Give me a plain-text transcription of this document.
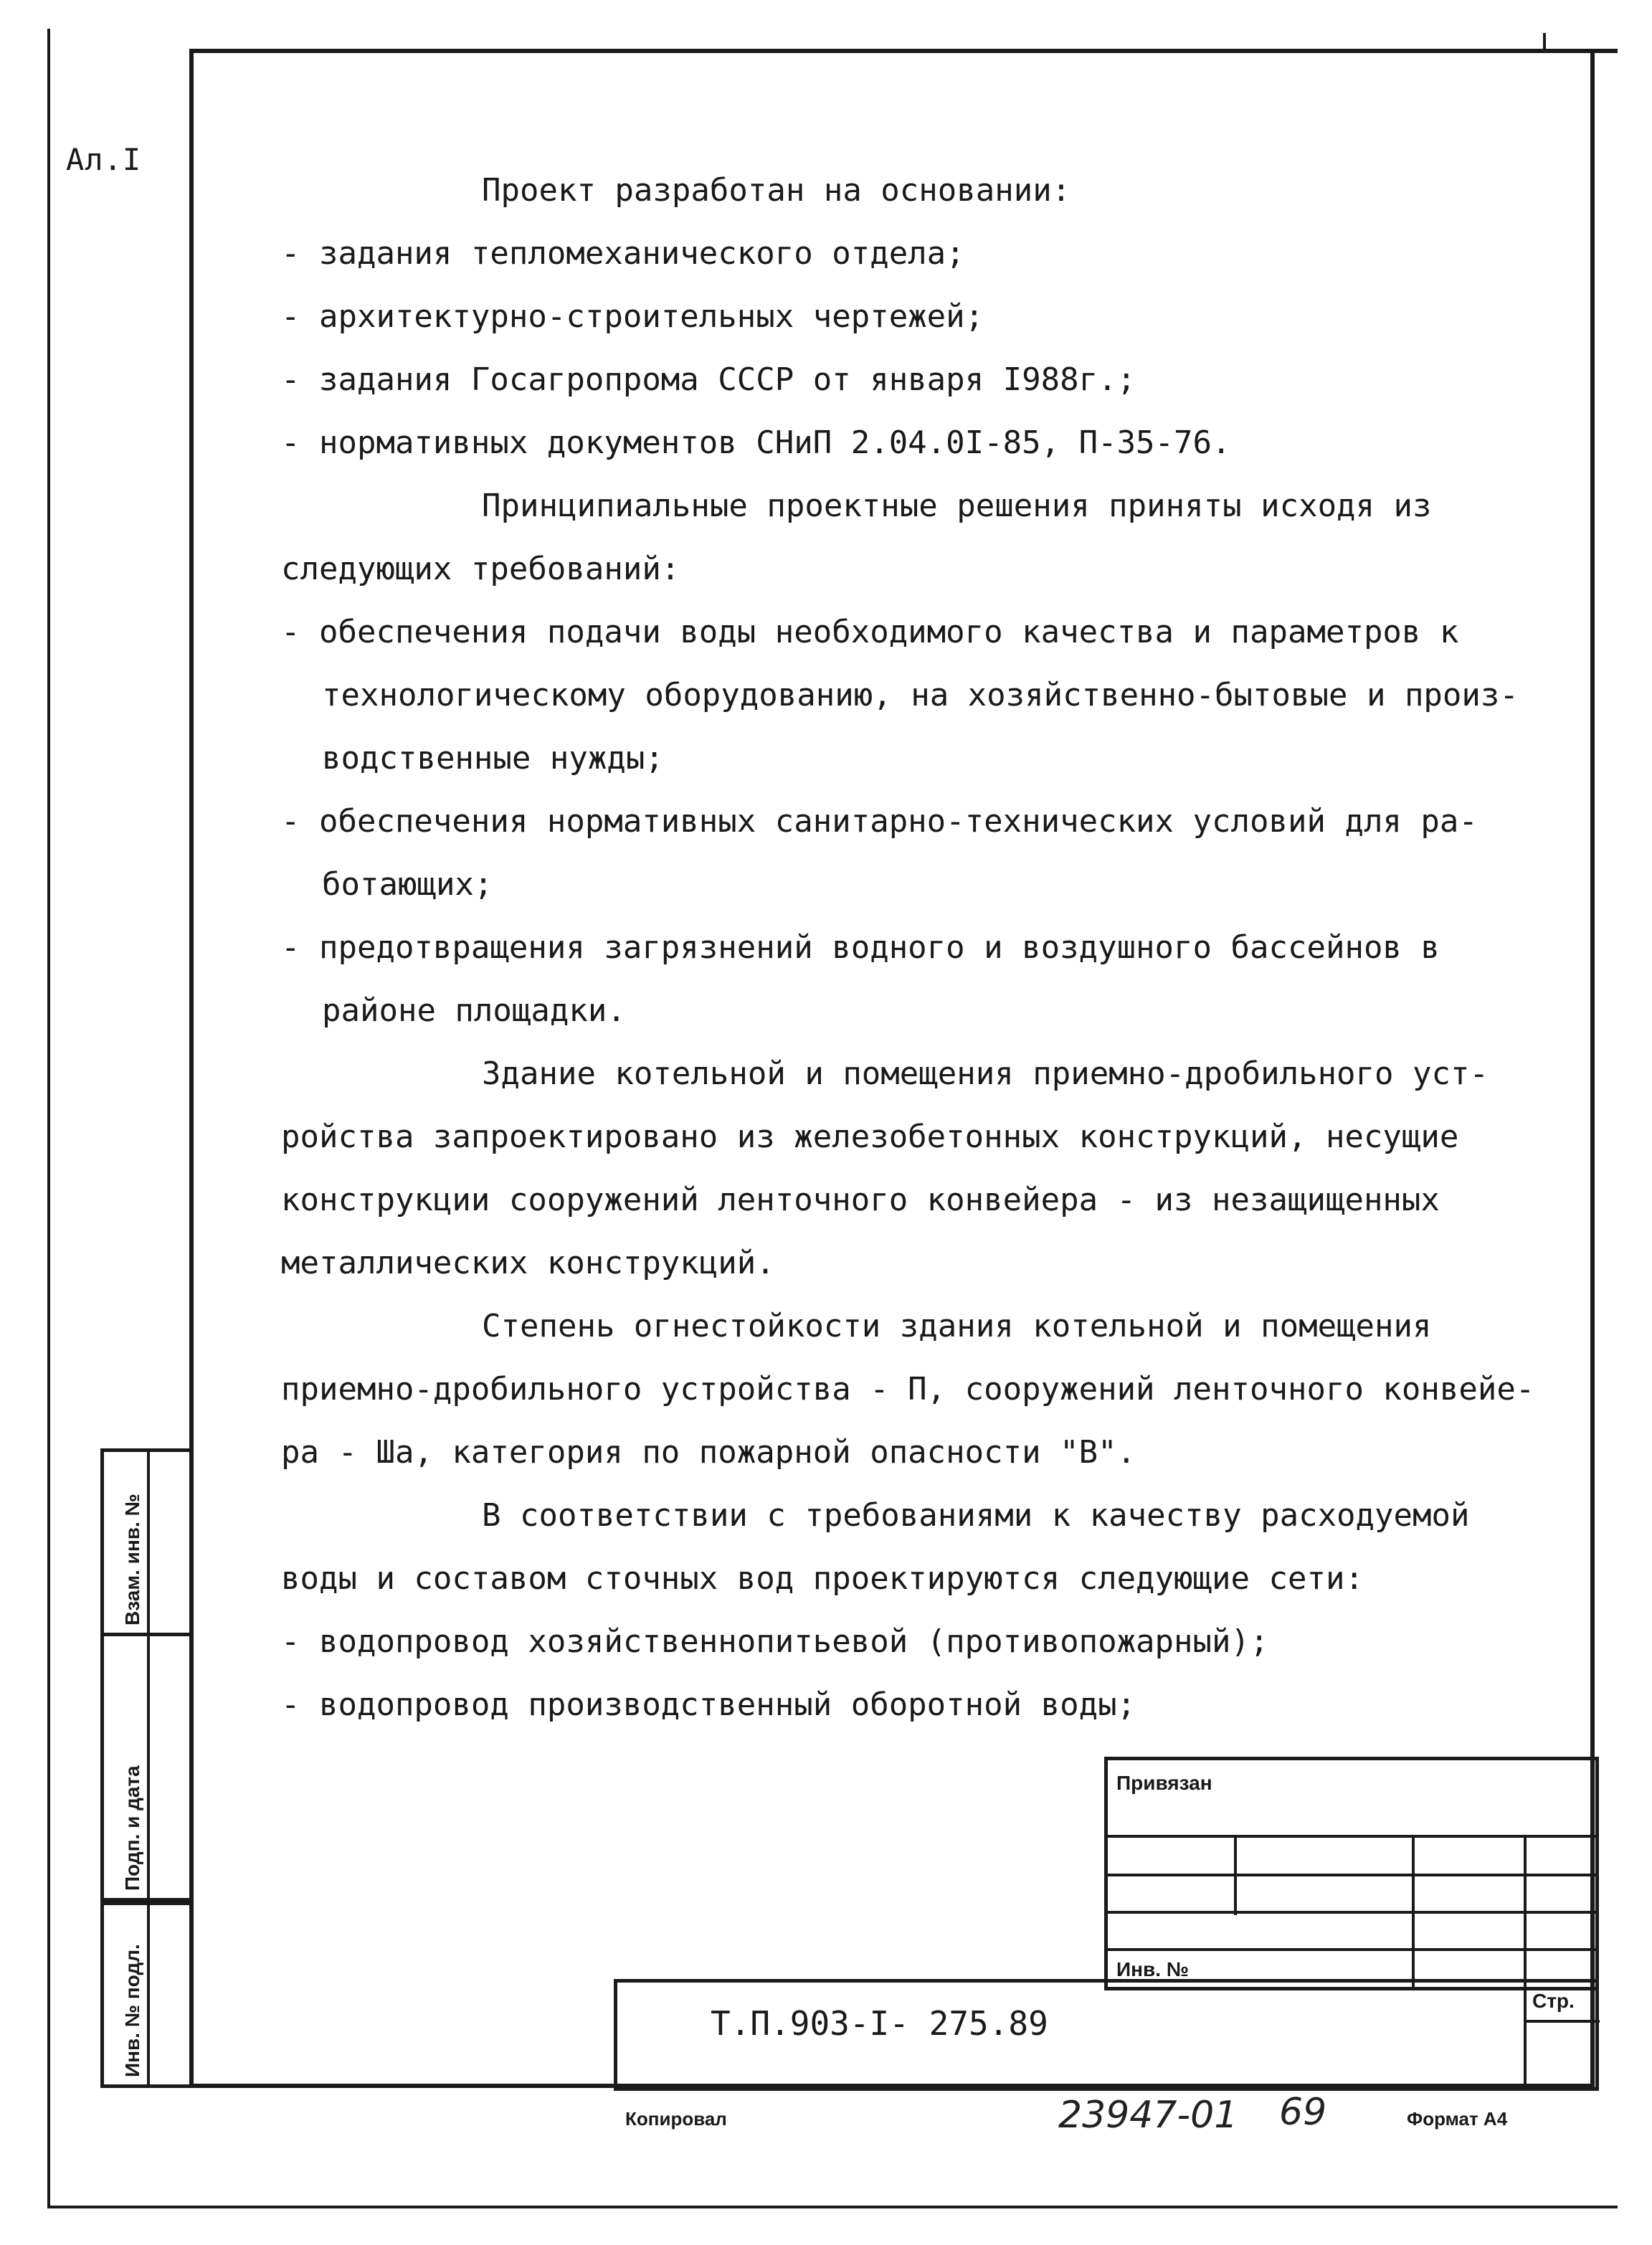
Ал.I

Проект разработан на основании:

- задания тепломеханического отдела;

- архитектурно-строительных чертежей;

- задания Госагропрома СССР от января I988г.;

- нормативных документов СНиП 2.04.0I-85, П-35-76.

Принципиальные проектные решения приняты исходя из

следующих требований:

- обеспечения подачи воды необходимого качества и параметров к

технологическому оборудованию, на хозяйственно-бытовые и произ-

водственные нужды;

- обеспечения нормативных санитарно-технических условий для ра-

ботающих;

- предотвращения загрязнений водного и воздушного бассейнов в

районе площадки.

Здание котельной и помещения приемно-дробильного уст-

ройства запроектировано из железобетонных конструкций, несущие

конструкции сооружений ленточного конвейера - из незащищенных

металлических конструкций.

Степень огнестойкости здания котельной и помещения

приемно-дробильного устройства - П, сооружений ленточного конвейе-

ра - Ша, категория по пожарной опасности "В".

В соответствии с требованиями к качеству расходуемой

воды и составом сточных вод проектируются следующие сети:

- водопровод хозяйственнопитьевой (противопожарный);

- водопровод производственный оборотной воды;

Взам. инв. №
Подп. и дата
Инв. № подл.
Привязан
Инв. №
Т.П.903-I- 275.89
Стр.
Копировал	23947-01 69	Формат А4
